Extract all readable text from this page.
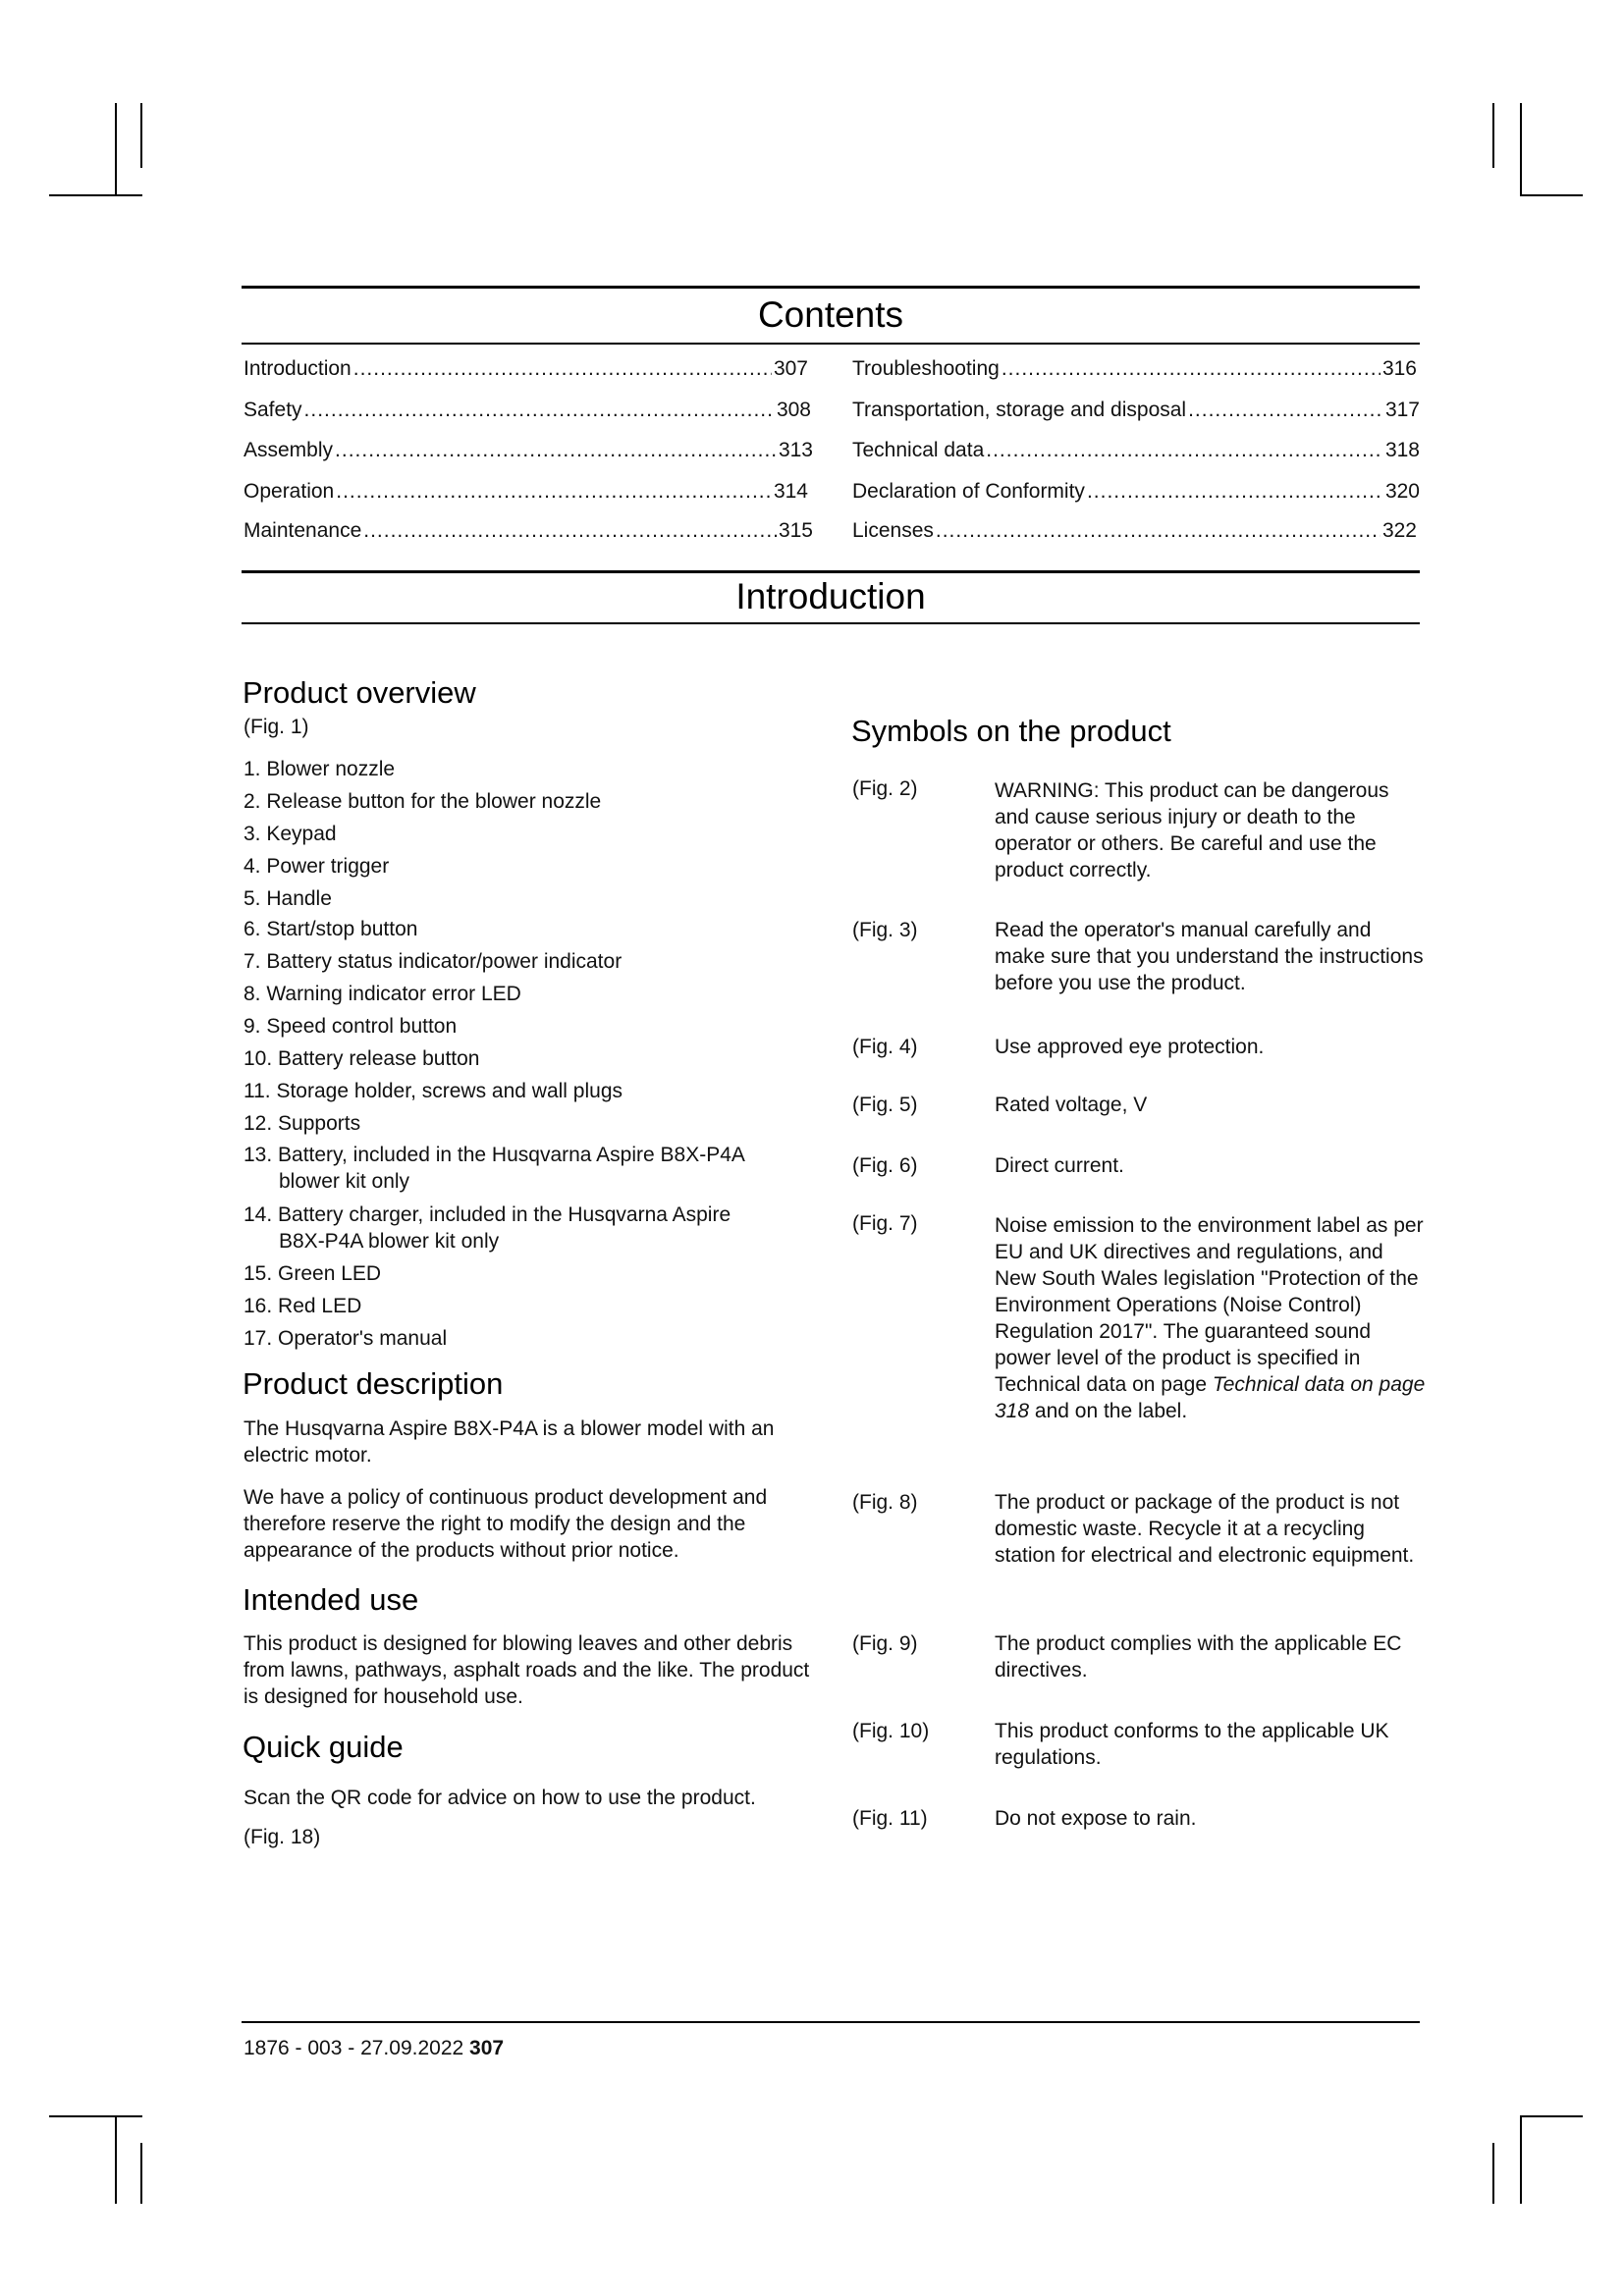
Contents
Introduction .....	307
Safety .....	308
Assembly .....	313
Operation .....	314
Maintenance .....	315
Troubleshooting .....	316
Transportation, storage and disposal .....	317
Technical data .....	318
Declaration of Conformity .....	320
Licenses .....	322
Introduction
Product overview
(Fig. 1)
1. Blower nozzle
2. Release button for the blower nozzle
3. Keypad
4. Power trigger
5. Handle
6. Start/stop button
7. Battery status indicator/power indicator
8. Warning indicator error LED
9. Speed control button
10. Battery release button
11. Storage holder, screws and wall plugs
12. Supports
13. Battery, included in the Husqvarna Aspire B8X-P4A
blower kit only
14. Battery charger, included in the Husqvarna Aspire
B8X-P4A blower kit only
15. Green LED
16. Red LED
17. Operator's manual
Product description
The Husqvarna Aspire B8X-P4A is a blower model with an electric motor.
We have a policy of continuous product development and therefore reserve the right to modify the design and the appearance of the products without prior notice.
Intended use
This product is designed for blowing leaves and other debris from lawns, pathways, asphalt roads and the like. The product is designed for household use.
Quick guide
Scan the QR code for advice on how to use the product.
(Fig. 18)
Symbols on the product
(Fig. 2)	WARNING: This product can be dangerous and cause serious injury or death to the operator or others. Be careful and use the product correctly.
(Fig. 3)	Read the operator's manual carefully and make sure that you understand the instructions before you use the product.
(Fig. 4)	Use approved eye protection.
(Fig. 5)	Rated voltage, V
(Fig. 6)	Direct current.
(Fig. 7)	Noise emission to the environment label as per EU and UK directives and regulations, and New South Wales legislation "Protection of the Environment Operations (Noise Control) Regulation 2017". The guaranteed sound power level of the product is specified in Technical data on page Technical data on page 318 and on the label.
(Fig. 8)	The product or package of the product is not domestic waste. Recycle it at a recycling station for electrical and electronic equipment.
(Fig. 9)	The product complies with the applicable EC directives.
(Fig. 10)	This product conforms to the applicable UK regulations.
(Fig. 11)	Do not expose to rain.
1876 - 003 - 27.09.2022 307
